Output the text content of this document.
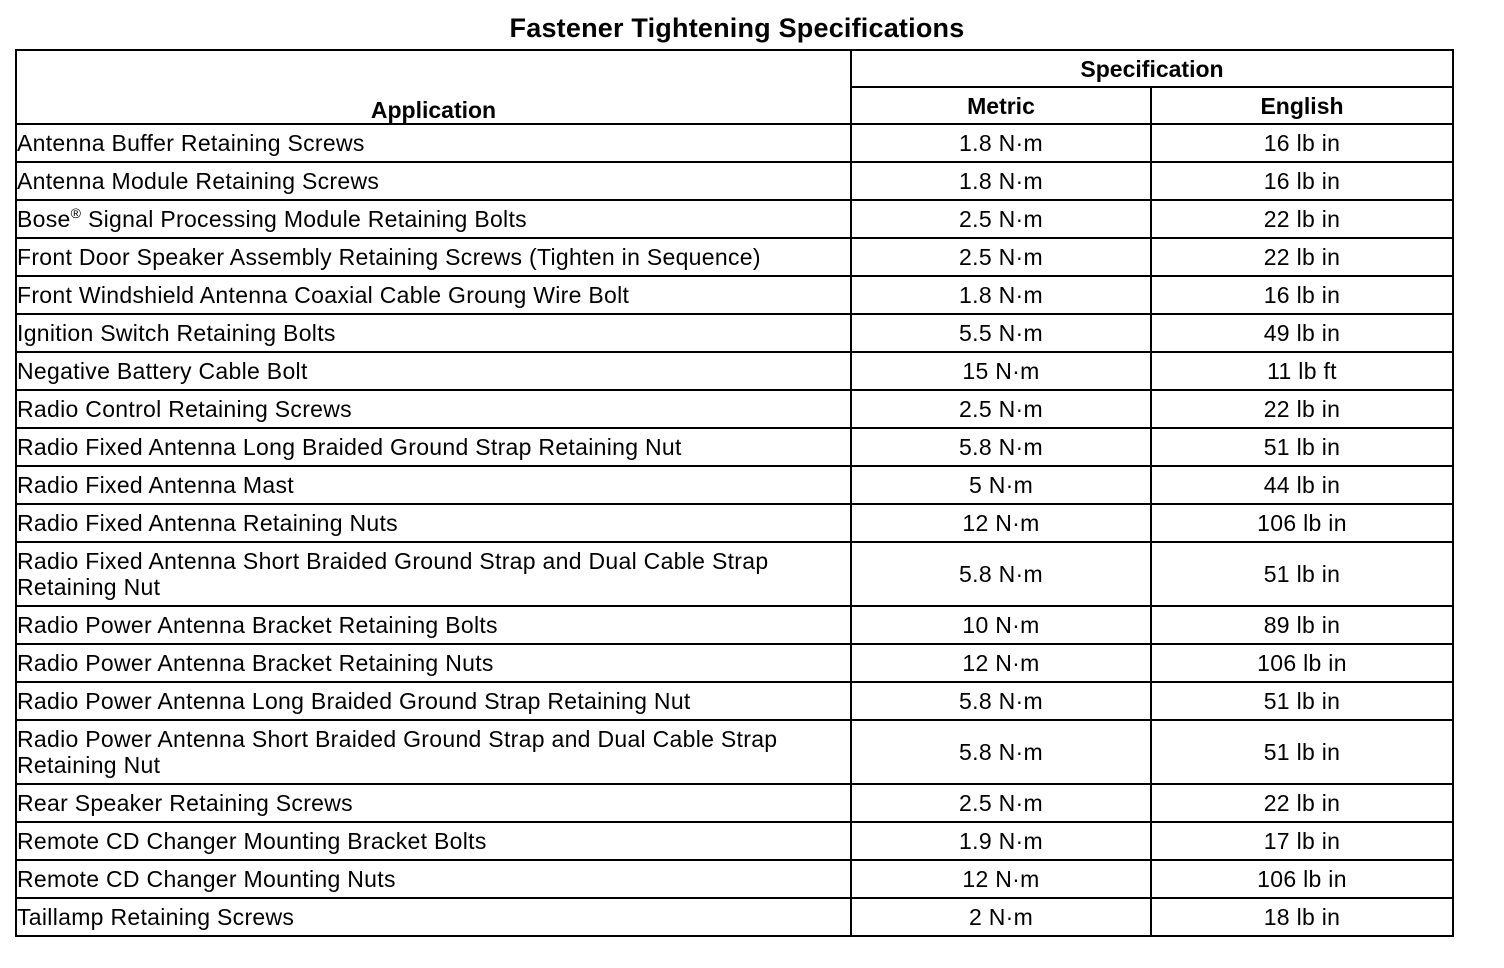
Fastener Tightening Specifications
Application	Specification	
	Metric	English
Antenna Buffer Retaining Screws	1.8 N·m	16 lb in
Antenna Module Retaining Screws	1.8 N·m	16 lb in
Bose® Signal Processing Module Retaining Bolts	2.5 N·m	22 lb in
Front Door Speaker Assembly Retaining Screws (Tighten in Sequence)	2.5 N·m	22 lb in
Front Windshield Antenna Coaxial Cable Groung Wire Bolt	1.8 N·m	16 lb in
Ignition Switch Retaining Bolts	5.5 N·m	49 lb in
Negative Battery Cable Bolt	15 N·m	11 lb ft
Radio Control Retaining Screws	2.5 N·m	22 lb in
Radio Fixed Antenna Long Braided Ground Strap Retaining Nut	5.8 N·m	51 lb in
Radio Fixed Antenna Mast	5 N·m	44 lb in
Radio Fixed Antenna Retaining Nuts	12 N·m	106 lb in
Radio Fixed Antenna Short Braided Ground Strap and Dual Cable Strap Retaining Nut	5.8 N·m	51 lb in
Radio Power Antenna Bracket Retaining Bolts	10 N·m	89 lb in
Radio Power Antenna Bracket Retaining Nuts	12 N·m	106 lb in
Radio Power Antenna Long Braided Ground Strap Retaining Nut	5.8 N·m	51 lb in
Radio Power Antenna Short Braided Ground Strap and Dual Cable Strap Retaining Nut	5.8 N·m	51 lb in
Rear Speaker Retaining Screws	2.5 N·m	22 lb in
Remote CD Changer Mounting Bracket Bolts	1.9 N·m	17 lb in
Remote CD Changer Mounting Nuts	12 N·m	106 lb in
Taillamp Retaining Screws	2 N·m	18 lb in
